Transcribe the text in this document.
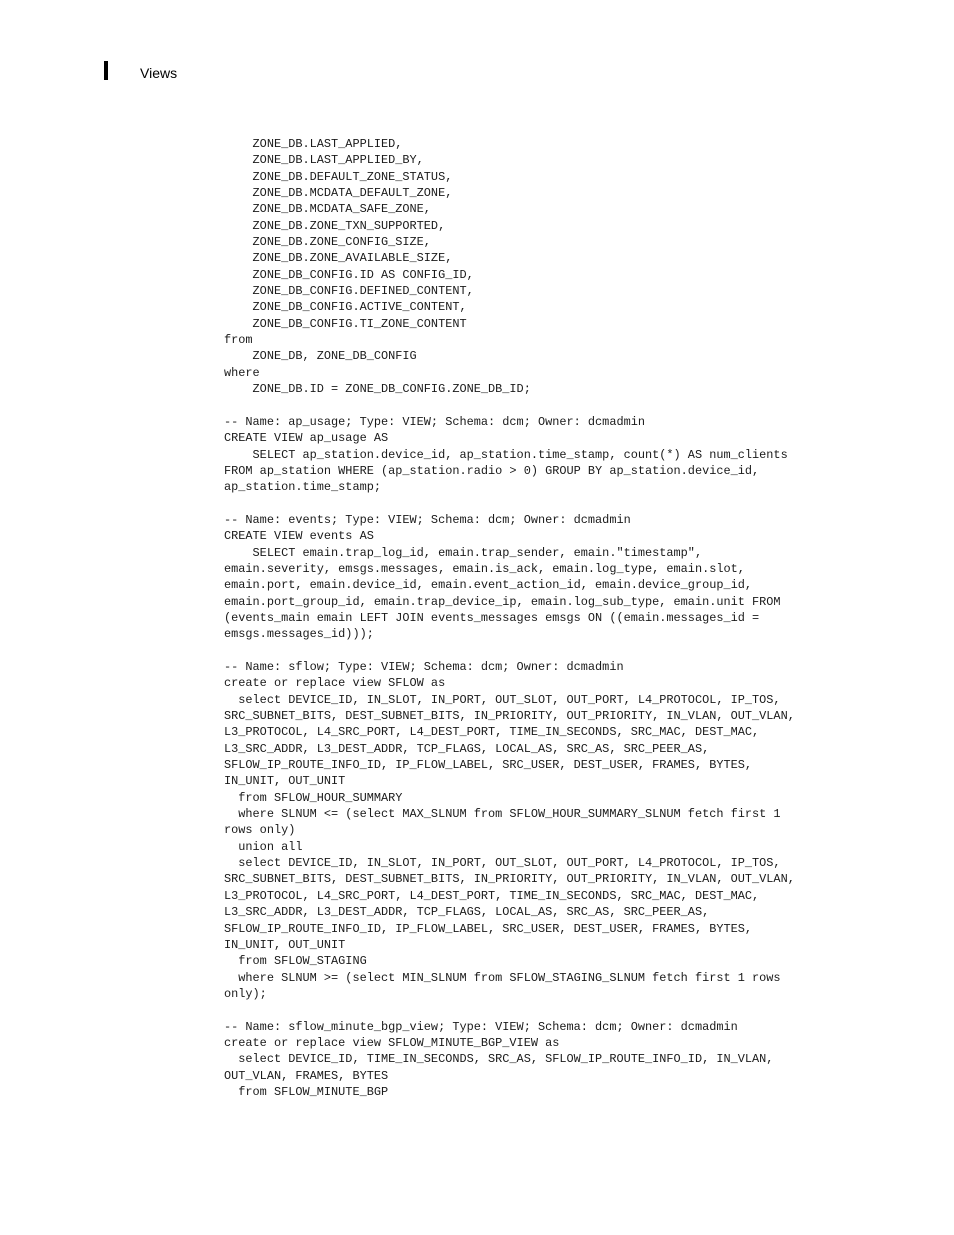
Views
ZONE_DB.LAST_APPLIED,
ZONE_DB.LAST_APPLIED_BY,
ZONE_DB.DEFAULT_ZONE_STATUS,
ZONE_DB.MCDATA_DEFAULT_ZONE,
ZONE_DB.MCDATA_SAFE_ZONE,
ZONE_DB.ZONE_TXN_SUPPORTED,
ZONE_DB.ZONE_CONFIG_SIZE,
ZONE_DB.ZONE_AVAILABLE_SIZE,
ZONE_DB_CONFIG.ID AS CONFIG_ID,
ZONE_DB_CONFIG.DEFINED_CONTENT,
ZONE_DB_CONFIG.ACTIVE_CONTENT,
ZONE_DB_CONFIG.TI_ZONE_CONTENT
from
ZONE_DB, ZONE_DB_CONFIG
where
ZONE_DB.ID = ZONE_DB_CONFIG.ZONE_DB_ID;
-- Name: ap_usage; Type: VIEW; Schema: dcm; Owner: dcmadmin
CREATE VIEW ap_usage AS
SELECT ap_station.device_id, ap_station.time_stamp, count(*) AS num_clients
FROM ap_station WHERE (ap_station.radio > 0) GROUP BY ap_station.device_id,
ap_station.time_stamp;
-- Name: events; Type: VIEW; Schema: dcm; Owner: dcmadmin
CREATE VIEW events AS
SELECT emain.trap_log_id, emain.trap_sender, emain."timestamp",
emain.severity, emsgs.messages, emain.is_ack, emain.log_type, emain.slot,
emain.port, emain.device_id, emain.event_action_id, emain.device_group_id,
emain.port_group_id, emain.trap_device_ip, emain.log_sub_type, emain.unit FROM
(events_main emain LEFT JOIN events_messages emsgs ON ((emain.messages_id =
emsgs.messages_id)));
-- Name: sflow; Type: VIEW; Schema: dcm; Owner: dcmadmin
create or replace view SFLOW as
select DEVICE_ID, IN_SLOT, IN_PORT, OUT_SLOT, OUT_PORT, L4_PROTOCOL, IP_TOS,
SRC_SUBNET_BITS, DEST_SUBNET_BITS, IN_PRIORITY, OUT_PRIORITY, IN_VLAN, OUT_VLAN,
L3_PROTOCOL, L4_SRC_PORT, L4_DEST_PORT, TIME_IN_SECONDS, SRC_MAC, DEST_MAC,
L3_SRC_ADDR, L3_DEST_ADDR, TCP_FLAGS, LOCAL_AS, SRC_AS, SRC_PEER_AS,
SFLOW_IP_ROUTE_INFO_ID, IP_FLOW_LABEL, SRC_USER, DEST_USER, FRAMES, BYTES,
IN_UNIT, OUT_UNIT
from SFLOW_HOUR_SUMMARY
where SLNUM <= (select MAX_SLNUM from SFLOW_HOUR_SUMMARY_SLNUM fetch first 1
rows only)
union all
select DEVICE_ID, IN_SLOT, IN_PORT, OUT_SLOT, OUT_PORT, L4_PROTOCOL, IP_TOS,
SRC_SUBNET_BITS, DEST_SUBNET_BITS, IN_PRIORITY, OUT_PRIORITY, IN_VLAN, OUT_VLAN,
L3_PROTOCOL, L4_SRC_PORT, L4_DEST_PORT, TIME_IN_SECONDS, SRC_MAC, DEST_MAC,
L3_SRC_ADDR, L3_DEST_ADDR, TCP_FLAGS, LOCAL_AS, SRC_AS, SRC_PEER_AS,
SFLOW_IP_ROUTE_INFO_ID, IP_FLOW_LABEL, SRC_USER, DEST_USER, FRAMES, BYTES,
IN_UNIT, OUT_UNIT
from SFLOW_STAGING
where SLNUM >= (select MIN_SLNUM from SFLOW_STAGING_SLNUM fetch first 1 rows
only);
-- Name: sflow_minute_bgp_view; Type: VIEW; Schema: dcm; Owner: dcmadmin
create or replace view SFLOW_MINUTE_BGP_VIEW as
select DEVICE_ID, TIME_IN_SECONDS, SRC_AS, SFLOW_IP_ROUTE_INFO_ID, IN_VLAN,
OUT_VLAN, FRAMES, BYTES
from SFLOW_MINUTE_BGP
